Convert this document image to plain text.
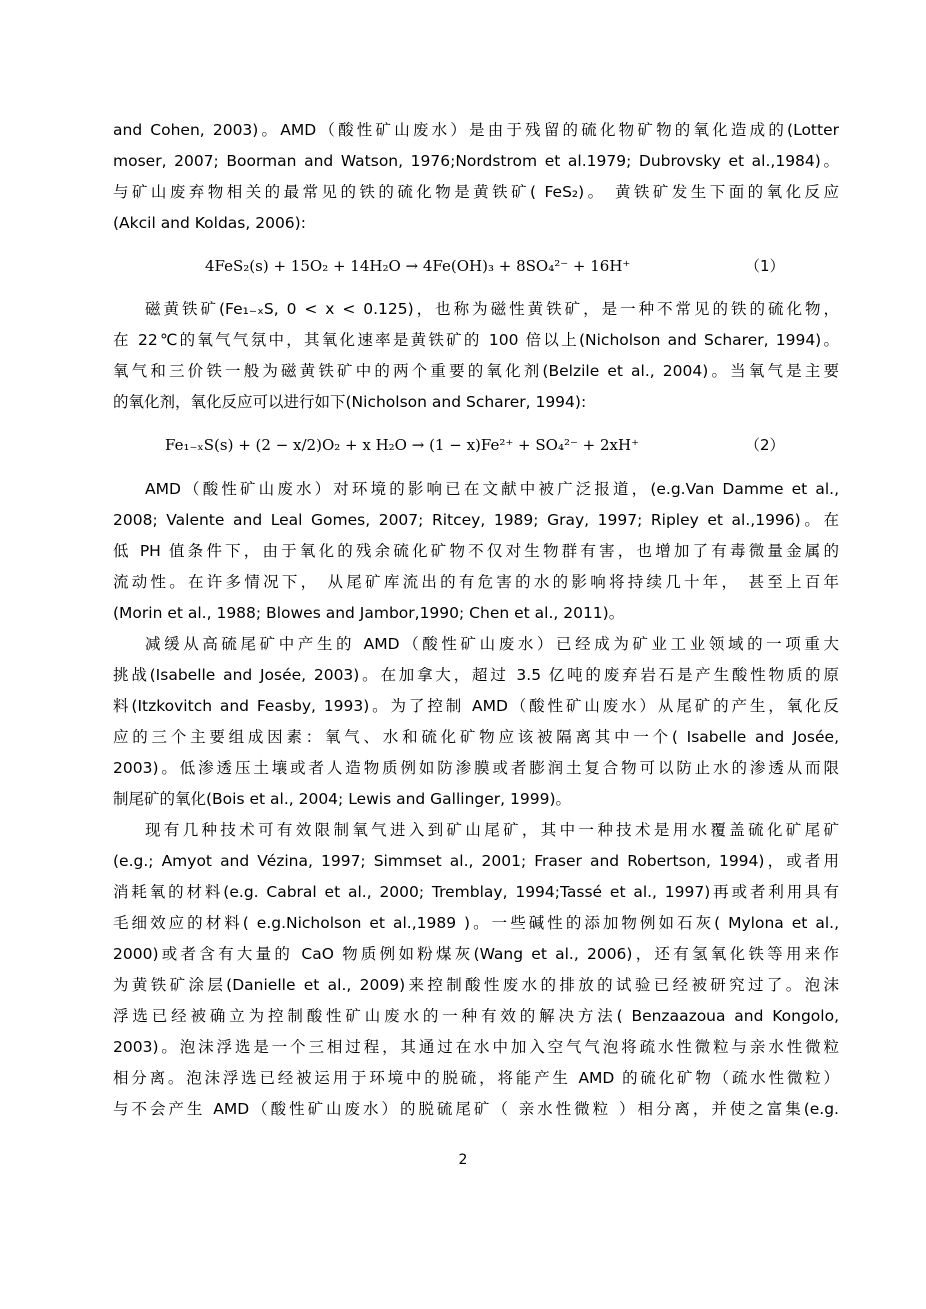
and Cohen, 2003)。AMD（酸性矿山废水）是由于残留的硫化物矿物的氧化造成的(Lotter
moser, 2007; Boorman and Watson, 1976;Nordstrom et al.1979; Dubrovsky et al.,1984)。
与矿山废弃物相关的最常见的铁的硫化物是黄铁矿( FeS₂)。 黄铁矿发生下面的氧化反应
(Akcil and Koldas, 2006):
4FeS₂(s) + 15O₂ + 14H₂O → 4Fe(OH)₃ + 8SO₄²⁻ + 16H⁺	（1）
磁黄铁矿(Fe₁₋ₓS, 0 < x < 0.125)，也称为磁性黄铁矿，是一种不常见的铁的硫化物，
在 22℃的氧气气氛中，其氧化速率是黄铁矿的 100 倍以上(Nicholson and Scharer, 1994)。
氧气和三价铁一般为磁黄铁矿中的两个重要的氧化剂(Belzile et al., 2004)。当氧气是主要
的氧化剂，氧化反应可以进行如下(Nicholson and Scharer, 1994):
Fe₁₋ₓS(s) + (2 − x/2)O₂ + x H₂O → (1 − x)Fe²⁺ + SO₄²⁻ + 2xH⁺	（2）
AMD（酸性矿山废水）对环境的影响已在文献中被广泛报道，(e.g.Van Damme et al.,
2008; Valente and Leal Gomes, 2007; Ritcey, 1989; Gray, 1997; Ripley et al.,1996)。在
低 PH 值条件下，由于氧化的残余硫化矿物不仅对生物群有害，也增加了有毒微量金属的
流动性。在许多情况下， 从尾矿库流出的有危害的水的影响将持续几十年， 甚至上百年
(Morin et al., 1988; Blowes and Jambor,1990; Chen et al., 2011)。
减缓从高硫尾矿中产生的 AMD（酸性矿山废水）已经成为矿业工业领域的一项重大
挑战(Isabelle and Josée, 2003)。在加拿大，超过 3.5 亿吨的废弃岩石是产生酸性物质的原
料(Itzkovitch and Feasby, 1993)。为了控制 AMD（酸性矿山废水）从尾矿的产生，氧化反
应的三个主要组成因素：氧气、水和硫化矿物应该被隔离其中一个( Isabelle and Josée,
2003)。低渗透压土壤或者人造物质例如防渗膜或者膨润土复合物可以防止水的渗透从而限
制尾矿的氧化(Bois et al., 2004; Lewis and Gallinger, 1999)。
现有几种技术可有效限制氧气进入到矿山尾矿，其中一种技术是用水覆盖硫化矿尾矿
(e.g.; Amyot and Vézina, 1997; Simmset al., 2001; Fraser and Robertson, 1994)，或者用
消耗氧的材料(e.g. Cabral et al., 2000; Tremblay, 1994;Tassé et al., 1997)再或者利用具有
毛细效应的材料( e.g.Nicholson et al.,1989 )。一些碱性的添加物例如石灰( Mylona et al.,
2000)或者含有大量的 CaO 物质例如粉煤灰(Wang et al., 2006)，还有氢氧化铁等用来作
为黄铁矿涂层(Danielle et al., 2009)来控制酸性废水的排放的试验已经被研究过了。泡沫
浮选已经被确立为控制酸性矿山废水的一种有效的解决方法( Benzaazoua and Kongolo,
2003)。泡沫浮选是一个三相过程，其通过在水中加入空气气泡将疏水性微粒与亲水性微粒
相分离。泡沫浮选已经被运用于环境中的脱硫，将能产生 AMD 的硫化矿物（疏水性微粒）
与不会产生 AMD（酸性矿山废水）的脱硫尾矿（ 亲水性微粒 ）相分离，并使之富集(e.g.
2
